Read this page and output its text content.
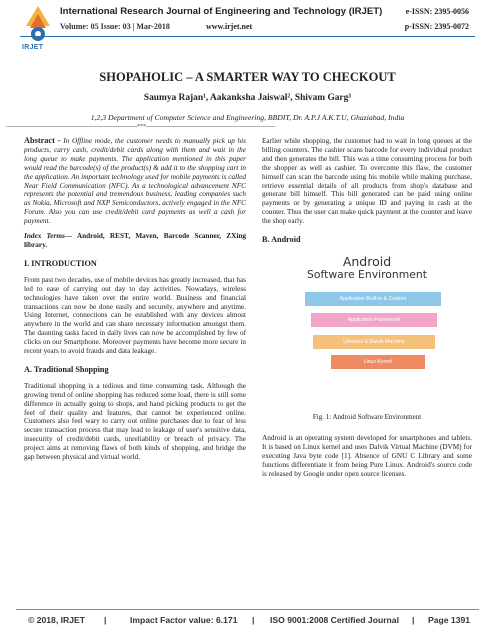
IRJET
International Research Journal of Engineering and Technology (IRJET)
Volume: 05 Issue: 03 | Mar-2018	www.irjet.net
e-ISSN: 2395-0056
p-ISSN: 2395-0072
SHOPAHOLIC – A SMARTER WAY TO CHECKOUT
Saumya Rajan¹, Aakanksha Jaiswal², Shivam Garg³
1,2,3 Department of Computer Science and Engineering, BBDIT, Dr. A.P.J A.K.T.U, Ghaziabad, India
-------------------------------------------------------------------------***------------------------------------------------------------------------

Abstract - In Offline mode, the customer needs to manually pick up his products, carry cash, credit/debit cards along with them and wait in the long queue to make payments. The application mentioned in this paper would read the barcode(s) of the product(s) & add it to the shopping cart in the application. An important technology used for mobile payments is called Near Field Communication (NFC). As a technological advancement NFC represents the potential and tremendous business, leading companies such as Nokia, Microsoft and NXP Semiconductors, actively engaged in the NFC Forum. Also you can use credit/debit card payments as well a cash for payment.

Index Terms— Android, REST, Maven, Barcode Scanner, ZXing library.

I. INTRODUCTION

From past two decades, use of mobile devices has greatly increased, that has led to ease of carrying out day to day activities. Nowadays, wireless technologies have taken over the entire world. Business and financial transactions can now be done easily and securely, anywhere and anytime. Using Internet, connections can be established with any devices almost anywhere in the world and can share necessary information amongst them. The daunting tasks faced in daily lives can now be accomplished by few of clicks on our Smartphone. Moreover payments have become more secure in recent years to avoid frauds and data leakage.

A. Traditional Shopping

Traditional shopping is a tedious and time consuming task. Although the growing trend of online shopping has reduced some load, there is still some difference in actually going to shops, and hand picking products to get the feel of their quality and features, that cannot be experienced online. Customers also feel wary to carry out online purchases due to fear of less secure transaction process that may lead to leakage of user's sensitive data, insecurity of credit/debit cards, unreliability or breach of privacy. The project aims at removing flaws of both kinds of shopping, and bridge the gap between physical and virtual world.

Earlier while shopping, the customer had to wait in long queues at the billing counters. The cashier scans barcode for every individual product and then generates the bill. This was a time consuming process for both the shopper as well as cashier. To overcome this flaw, the customer himself can scan the barcode using his mobile while making purchase, retrieve essential details of all products from shop's database and generate bill himself. This bill generated can be paid using online payments or by generating a unique ID and paying in cash at the counter. Thus the user can make quick payment at the counter and leave the shop early.

B. Android
Android
Software Environment
Application Built-in & Custom
Application Framework
Libraries & Dalvik Machine
Linux Kernel
Fig. 1: Android Software Environment

Android is an operating system developed for smartphones and tablets. It is based on Linux kernel and uses Dalvik Virtual Machine (DVM) for executing Java byte code [1]. Absence of GNU C Library and some functions differentiate it from being Pure Linux. Android's source code is released by Google under open source licenses.

© 2018, IRJET |	Impact Factor value: 6.171 | ISO 9001:2008 Certified Journal | Page 1391
